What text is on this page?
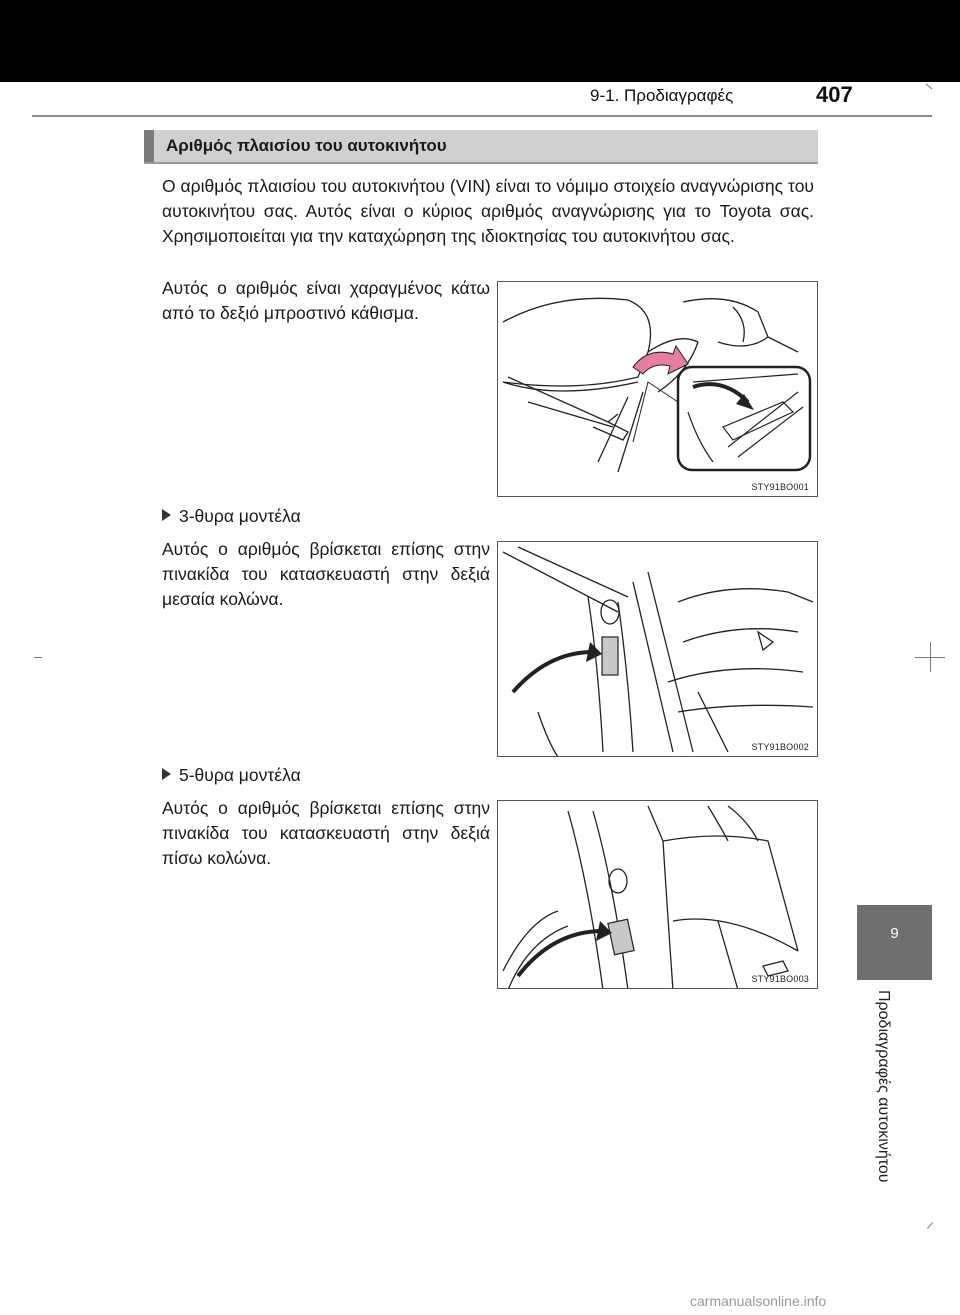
9-1. Προδιαγραφές	407
Αριθμός πλαισίου του αυτοκινήτου
Ο αριθμός πλαισίου του αυτοκινήτου (VIN) είναι το νόμιμο στοιχείο αναγνώρισης του αυτοκινήτου σας. Αυτός είναι ο κύριος αριθμός αναγνώρισης για το Toyota σας. Χρησιμοποιείται για την καταχώρηση της ιδιοκτησίας του αυτοκινήτου σας.
Αυτός ο αριθμός είναι χαραγμένος κάτω από το δεξιό μπροστινό κάθισμα.
STY91BO001
3-θυρα μοντέλα
Αυτός ο αριθμός βρίσκεται επίσης στην πινακίδα του κατασκευαστή στην δεξιά μεσαία κολώνα.
STY91BO002
5-θυρα μοντέλα
Αυτός ο αριθμός βρίσκεται επίσης στην πινακίδα του κατασκευαστή στην δεξιά πίσω κολώνα.
STY91BO003
9
Προδιαγραφές αυτοκινήτου
carmanualsonline.info
